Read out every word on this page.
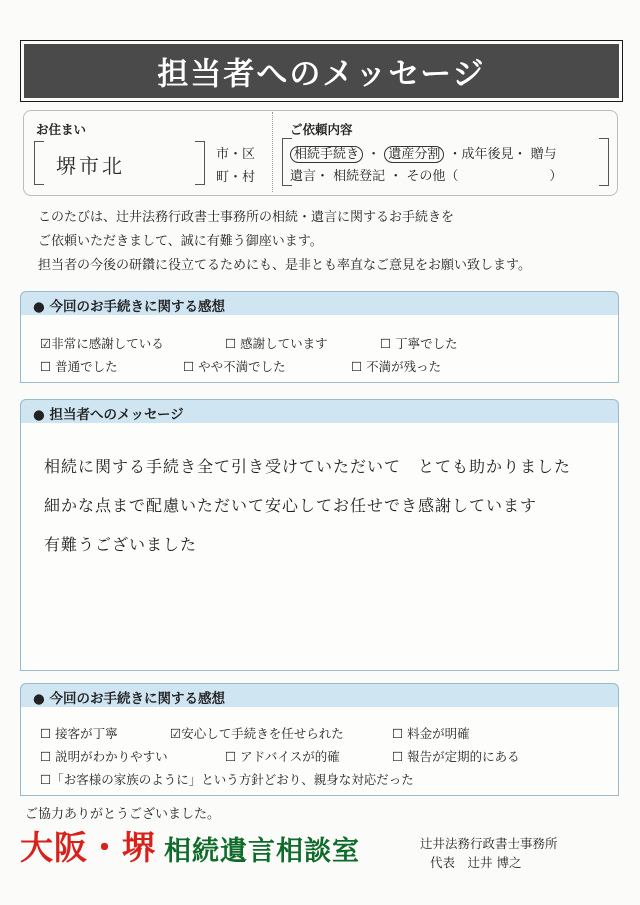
担当者へのメッセージ
お住まい
堺市北	市・区
町・村
ご依頼内容
相続手続き ・ 遺産分割 ・成年後見・ 贈与
遺言・ 相続登記 ・ その他（　　　　　　　）
このたびは、辻井法務行政書士事務所の相続・遺言に関するお手続きを
ご依頼いただきまして、誠に有難う御座います。
担当者の今後の研鑽に役立てるためにも、是非とも率直なご意見をお願い致します。
● 今回のお手続きに関する感想
☑非常に感謝している	☐ 感謝しています	☐ 丁寧でした
☐ 普通でした	☐ やや不満でした	☐ 不満が残った
● 担当者へのメッセージ
相続に関する手続き全て引き受けていただいて　とても助かりました
細かな点まで配慮いただいて安心してお任せでき感謝しています
有難うございました
● 今回のお手続きに関する感想
☐ 接客が丁寧	☑安心して手続きを任せられた	☐ 料金が明確
☐ 説明がわかりやすい	☐ アドバイスが的確	☐ 報告が定期的にある
☐「お客様の家族のように」という方針どおり、親身な対応だった
ご協力ありがとうございました。
大阪・堺 相続遺言相談室	辻井法務行政書士事務所
代表　辻井 博之
